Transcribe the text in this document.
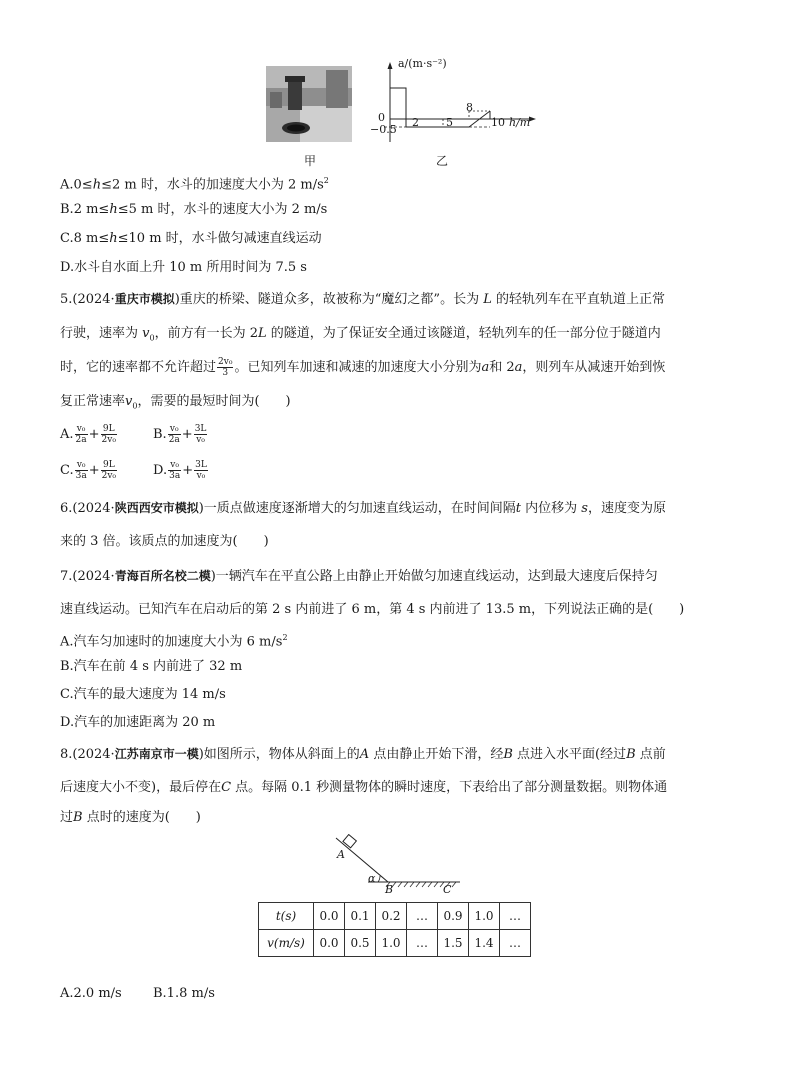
甲
a/(m·s⁻²)
h/m
0
−0.5
2 5
8
10
乙
A.0≤h≤2 m 时，水斗的加速度大小为 2 $m/s^2$
B.2 m≤h≤5 m 时，水斗的速度大小为 2 m/s
C.8 m≤h≤10 m 时，水斗做匀减速直线运动
D.水斗自水面上升 10 m 所用时间为 7.5 s
5.(2024·重庆市模拟)重庆的桥梁、隧道众多，故被称为“魔幻之都”。长为 L 的轻轨列车在平直轨道上正常
行驶，速率为 $v_0$，前方有一长为 2L 的隧道，为了保证安全通过该隧道，轻轨列车的任一部分位于隧道内
时，它的速率都不允许超过 $\frac{\text{2v₀}}{3}$ 。已知列车加速和减速的加速度大小分别为a和 2a，则列车从减速开始到恢
复正常速率$v_0$，需要的最短时间为(　　)
A. $\frac{\text{v₀}}{2a} + \frac{9L}{\text{2v₀}}$	B. $\frac{\text{v₀}}{2a} + \frac{3L}{\text{v₀}}$
C. $\frac{\text{v₀}}{3a} + \frac{9L}{\text{2v₀}}$	D. $\frac{\text{v₀}}{3a} + \frac{3L}{\text{v₀}}$
6.(2024·陕西西安市模拟)一质点做速度逐渐增大的匀加速直线运动，在时间间隔t 内位移为 s，速度变为原
来的 3 倍。该质点的加速度为(　　)
7.(2024·青海百所名校二模)一辆汽车在平直公路上由静止开始做匀加速直线运动，达到最大速度后保持匀
速直线运动。已知汽车在启动后的第 2 s 内前进了 6 m，第 4 s 内前进了 13.5 m，下列说法正确的是(　　)
A.汽车匀加速时的加速度大小为 6 $m/s^2$
B.汽车在前 4 s 内前进了 32 m
C.汽车的最大速度为 14 m/s
D.汽车的加速距离为 20 m
8.(2024·江苏南京市一模)如图所示，物体从斜面上的A 点由静止开始下滑，经B 点进入水平面(经过B 点前
后速度大小不变)，最后停在C 点。每隔 0.1 秒测量物体的瞬时速度，下表给出了部分测量数据。则物体通
过B 点时的速度为(　　)
A
α
B	C
t(s)	0.0	0.1	0.2	…	0.9	1.0	…
v(m/s)	0.0	0.5	1.0	…	1.5	1.4	…
A.2.0 m/s B.1.8 m/s
